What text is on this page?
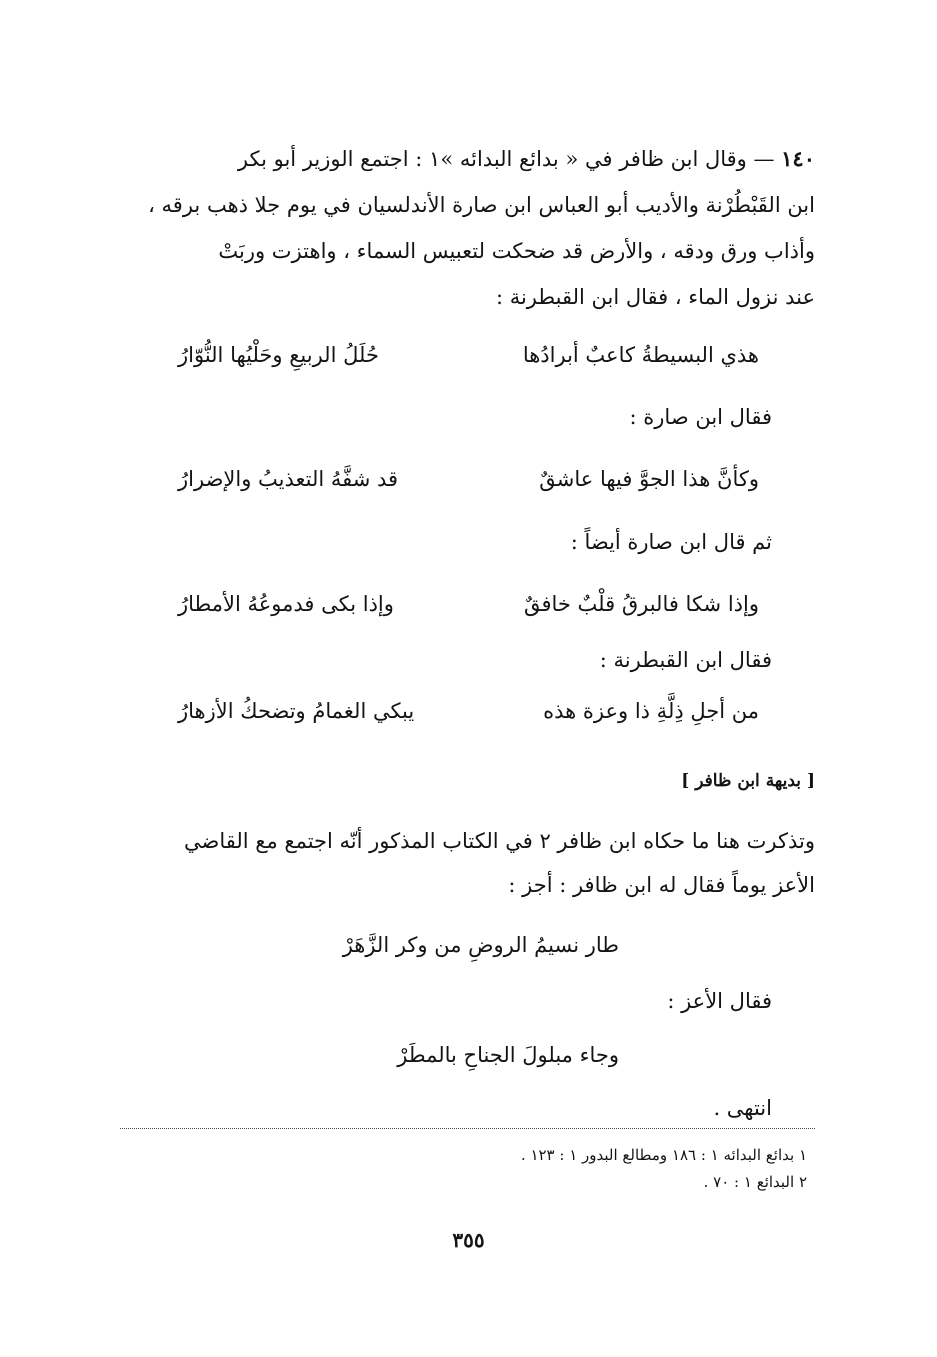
١٤٠ — وقال ابن ظافر في « بدائع البدائه »١ : اجتمع الوزير أبو بكر
ابن القَبْطُرْنة والأديب أبو العباس ابن صارة الأندلسيان في يوم جلا ذهب برقه ،
وأذاب ورق ودقه ، والأرض قد ضحكت لتعبيس السماء ، واهتزت وربَتْ
عند نزول الماء ، فقال ابن القبطرنة :
هذي البسيطةُ كاعبٌ أبرادُها
حُلَلُ الربيعِ وحَلْيُها النُّوّارُ
فقال ابن صارة :
وكأنَّ هذا الجوَّ فيها عاشقٌ
قد شفَّهُ التعذيبُ والإضرارُ
ثم قال ابن صارة أيضاً :
وإذا شكا فالبرقُ قلْبٌ خافقٌ
وإذا بكى فدموعُهُ الأمطارُ
فقال ابن القبطرنة :
من أجلِ ذِلَّةِ ذا وعزة هذه
يبكي الغمامُ وتضحكُ الأزهارُ
[ بديهة ابن ظافر ]
وتذكرت هنا ما حكاه ابن ظافر ٢ في الكتاب المذكور أنّه اجتمع مع القاضي
الأعز يوماً فقال له ابن ظافر : أجز :
طار نسيمُ الروضِ من وكر الزَّهَرْ
فقال الأعز :
وجاء مبلولَ الجناحِ بالمطَرْ
انتهى .
١ بدائع البدائه ١ : ١٨٦ ومطالع البدور ١ : ١٢٣ .
٢ البدائع ١ : ٧٠ .
٣٥٥
